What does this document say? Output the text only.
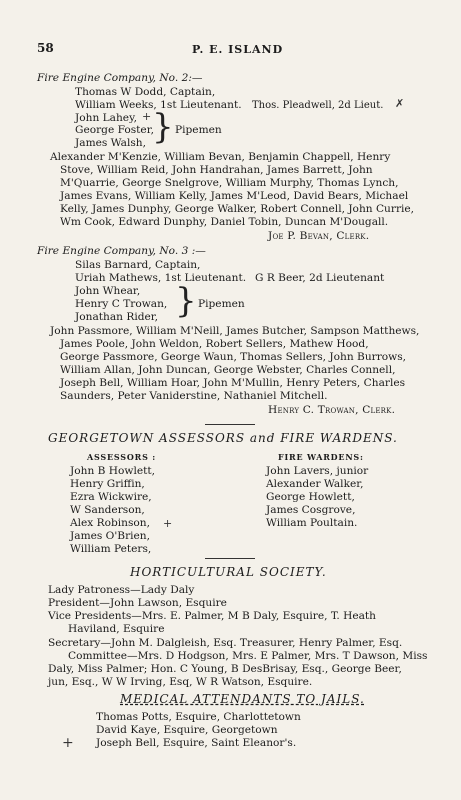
58	P. E. ISLAND
Fire Engine Company, No. 2:—
Thomas W Dodd, Captain,
William Weeks, 1st Lieutenant. Thos. Pleadwell, 2d Lieut. ✗
John Lahey, +
George Foster,
James Walsh, } Pipemen
Alexander M'Kenzie, William Bevan, Benjamin Chappell, Henry
Stove, William Reid, John Handrahan, James Barrett, John
M'Quarrie, George Snelgrove, William Murphy, Thomas Lynch,
James Evans, William Kelly, James M'Leod, David Bears, Michael
Kelly, James Dunphy, George Walker, Robert Connell, John Currie,
Wm Cook, Edward Dunphy, Daniel Tobin, Duncan M'Dougall.
Joe P. Bevan, Clerk.
Fire Engine Company, No. 3 :—
Silas Barnard, Captain,
Uriah Mathews, 1st Lieutenant. G R Beer, 2d Lieutenant
John Whear,
Henry C Trowan,
Jonathan Rider, } Pipemen
John Passmore, William M'Neill, James Butcher, Sampson Matthews,
James Poole, John Weldon, Robert Sellers, Mathew Hood,
George Passmore, George Waun, Thomas Sellers, John Burrows,
William Allan, John Duncan, George Webster, Charles Connell,
Joseph Bell, William Hoar, John M'Mullin, Henry Peters, Charles
Saunders, Peter Vaniderstine, Nathaniel Mitchell.
Henry C. Trowan, Clerk.
GEORGETOWN ASSESSORS and FIRE WARDENS.
ASSESSORS :	FIRE WARDENS:
John B Howlett,
Henry Griffin,
Ezra Wickwire,
W Sanderson,
Alex Robinson, +
James O'Brien,
William Peters,
John Lavers, junior
Alexander Walker,
George Howlett,
James Cosgrove,
William Poultain.
HORTICULTURAL SOCIETY.
Lady Patroness—Lady Daly
President—John Lawson, Esquire
Vice Presidents—Mrs. E. Palmer, M B Daly, Esquire, T. Heath
Haviland, Esquire
Secretary—John M. Dalgleish, Esq. Treasurer, Henry Palmer, Esq.
Committee—Mrs. D Hodgson, Mrs. E Palmer, Mrs. T Dawson, Miss
Daly, Miss Palmer; Hon. C Young, B DesBrisay, Esq., George Beer,
jun, Esq., W W Irving, Esq, W R Watson, Esquire.
MEDICAL ATTENDANTS TO JAILS.
Thomas Potts, Esquire, Charlottetown
David Kaye, Esquire, Georgetown
+ Joseph Bell, Esquire, Saint Eleanor's.
